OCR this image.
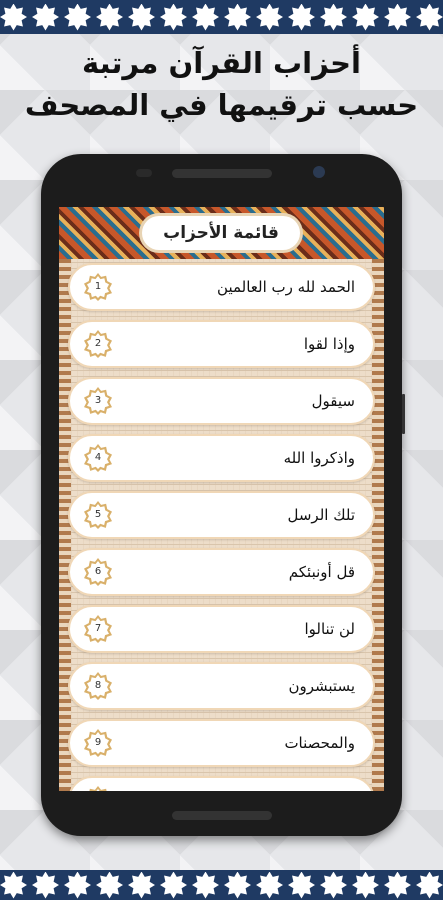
أحزاب القرآن مرتبة
حسب ترقيمها في المصحف
قائمة الأحزاب
الحمد لله رب العالمين
1
وإذا لقوا
2
سيقول
3
واذكروا الله
4
تلك الرسل
5
قل أونبئكم
6
لن تنالوا
7
يستبشرون
8
والمحصنات
9
